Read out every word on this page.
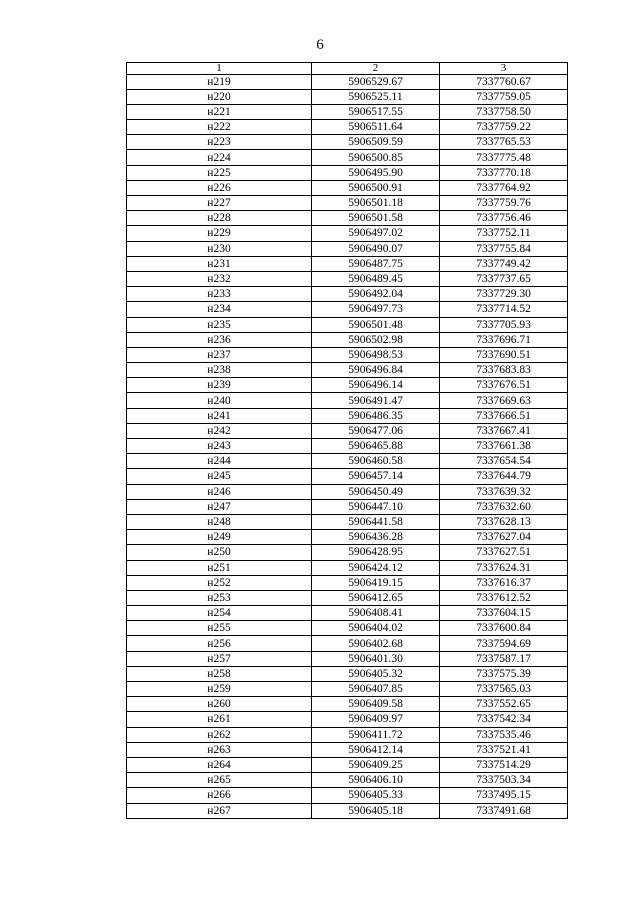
6
1	2	3
н219	5906529.67	7337760.67
н220	5906525.11	7337759.05
н221	5906517.55	7337758.50
н222	5906511.64	7337759.22
н223	5906509.59	7337765.53
н224	5906500.85	7337775.48
н225	5906495.90	7337770.18
н226	5906500.91	7337764.92
н227	5906501.18	7337759.76
н228	5906501.58	7337756.46
н229	5906497.02	7337752.11
н230	5906490.07	7337755.84
н231	5906487.75	7337749.42
н232	5906489.45	7337737.65
н233	5906492.04	7337729.30
н234	5906497.73	7337714.52
н235	5906501.48	7337705.93
н236	5906502.98	7337696.71
н237	5906498.53	7337690.51
н238	5906496.84	7337683.83
н239	5906496.14	7337676.51
н240	5906491.47	7337669.63
н241	5906486.35	7337666.51
н242	5906477.06	7337667.41
н243	5906465.88	7337661.38
н244	5906460.58	7337654.54
н245	5906457.14	7337644.79
н246	5906450.49	7337639.32
н247	5906447.10	7337632.60
н248	5906441.58	7337628.13
н249	5906436.28	7337627.04
н250	5906428.95	7337627.51
н251	5906424.12	7337624.31
н252	5906419.15	7337616.37
н253	5906412.65	7337612.52
н254	5906408.41	7337604.15
н255	5906404.02	7337600.84
н256	5906402.68	7337594.69
н257	5906401.30	7337587.17
н258	5906405.32	7337575.39
н259	5906407.85	7337565.03
н260	5906409.58	7337552.65
н261	5906409.97	7337542.34
н262	5906411.72	7337535.46
н263	5906412.14	7337521.41
н264	5906409.25	7337514.29
н265	5906406.10	7337503.34
н266	5906405.33	7337495.15
н267	5906405.18	7337491.68
